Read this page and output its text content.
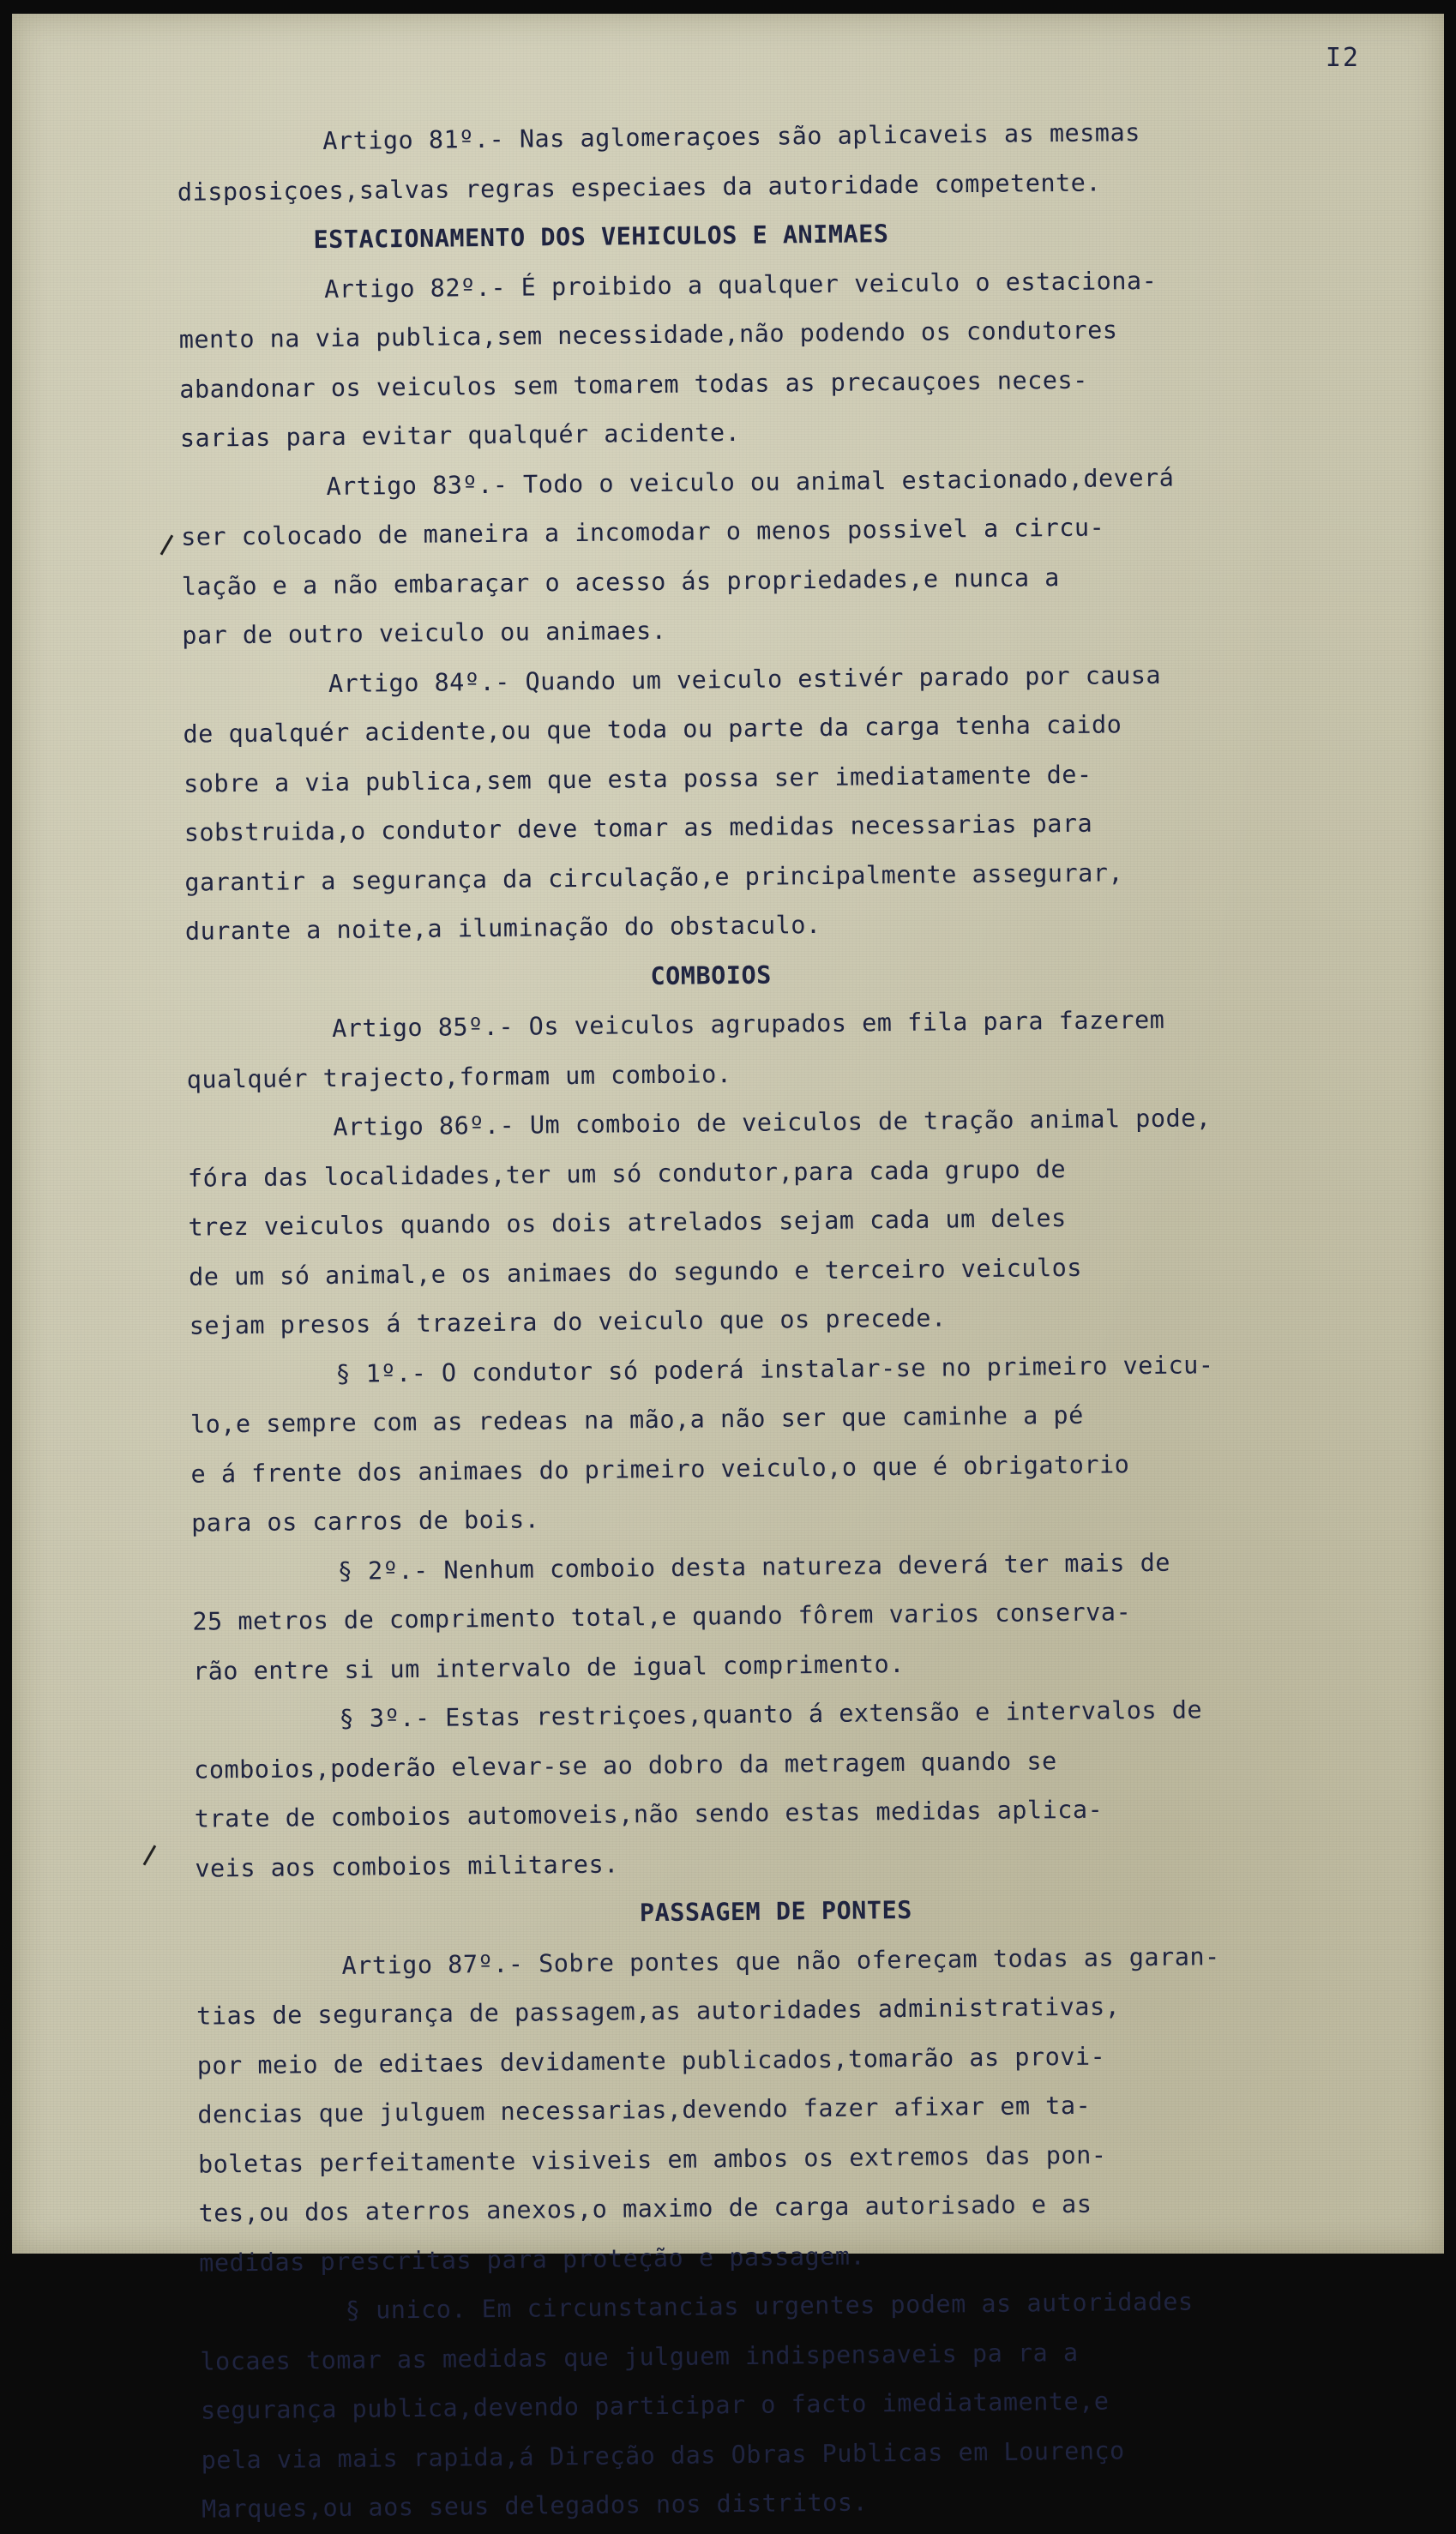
I2
Artigo 81º.- Nas aglomeraçoes são aplicaveis as mesmas
disposiçoes,salvas regras especiaes da autoridade competente.
ESTACIONAMENTO DOS VEHICULOS E ANIMAES
Artigo 82º.- É proibido a qualquer veiculo o estaciona-
mento na via publica,sem necessidade,não podendo os condutores
abandonar os veiculos sem tomarem todas as precauçoes neces-
sarias para evitar qualquér acidente.
Artigo 83º.- Todo o veiculo ou animal estacionado,deverá
ser colocado de maneira a incomodar o menos possivel a circu-
lação e a não embaraçar o acesso ás propriedades,e nunca a
par de outro veiculo ou animaes.
Artigo 84º.- Quando um veiculo estivér parado por causa
de qualquér acidente,ou que toda ou parte da carga tenha caido
sobre a via publica,sem que esta possa ser imediatamente de-
sobstruida,o condutor deve tomar as medidas necessarias para
garantir a segurança da circulação,e principalmente assegurar,
durante a noite,a iluminação do obstaculo.
COMBOIOS
Artigo 85º.- Os veiculos agrupados em fila para fazerem
qualquér trajecto,formam um comboio.
Artigo 86º.- Um comboio de veiculos de tração animal pode,
fóra das localidades,ter um só condutor,para cada grupo de
trez veiculos quando os dois atrelados sejam cada um deles
de um só animal,e os animaes do segundo e terceiro veiculos
sejam presos á trazeira do veiculo que os precede.
§ 1º.- O condutor só poderá instalar-se no primeiro veicu-
lo,e sempre com as redeas na mão,a não ser que caminhe a pé
e á frente dos animaes do primeiro veiculo,o que é obrigatorio
para os carros de bois.
§ 2º.- Nenhum comboio desta natureza deverá ter mais de
25 metros de comprimento total,e quando fôrem varios conserva-
rão entre si um intervalo de igual comprimento.
§ 3º.- Estas restriçoes,quanto á extensão e intervalos de
comboios,poderão elevar-se ao dobro da metragem quando se
trate de comboios automoveis,não sendo estas medidas aplica-
veis aos comboios militares.
PASSAGEM DE PONTES
Artigo 87º.- Sobre pontes que não ofereçam todas as garan-
tias de segurança de passagem,as autoridades administrativas,
por meio de editaes devidamente publicados,tomarão as provi-
dencias que julguem necessarias,devendo fazer afixar em ta-
boletas perfeitamente visiveis em ambos os extremos das pon-
tes,ou dos aterros anexos,o maximo de carga autorisado e as
medidas prescritas para proteção e passagem.
§ unico. Em circunstancias urgentes podem as autoridades
locaes tomar as medidas que julguem indispensaveis pa ra a
segurança publica,devendo participar o facto imediatamente,e
pela via mais rapida,á Direção das Obras Publicas em Lourenço
Marques,ou aos seus delegados nos distritos.
